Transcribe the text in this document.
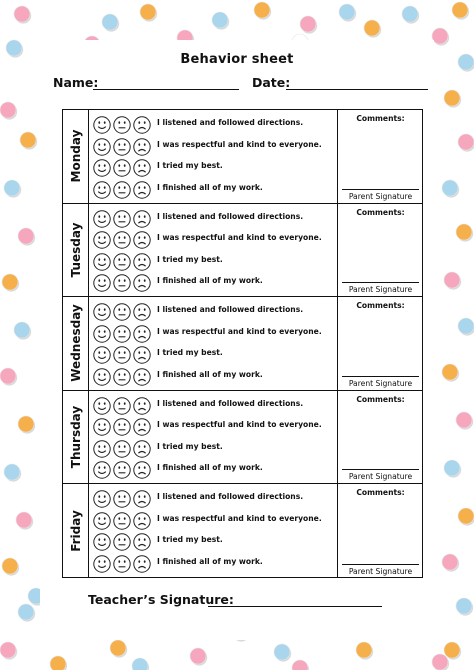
Behavior sheet
Name:	Date:
Monday
I listened and followed directions.
I was respectful and kind to everyone.
I tried my best.
I finished all of my work.
Comments:
Parent Signature
Tuesday
I listened and followed directions.
I was respectful and kind to everyone.
I tried my best.
I finished all of my work.
Comments:
Parent Signature
Wednesday	I listened and followed directions.
I was respectful and kind to everyone.
I tried my best.
I finished all of my work.
Comments:
Parent Signature
Thursday
I listened and followed directions.
I was respectful and kind to everyone.
I tried my best.
I finished all of my work.
Comments:
Parent Signature
Friday
I listened and followed directions.
I was respectful and kind to everyone.
I tried my best.
I finished all of my work.
Comments:
Parent Signature
Teacher’s Signature:
